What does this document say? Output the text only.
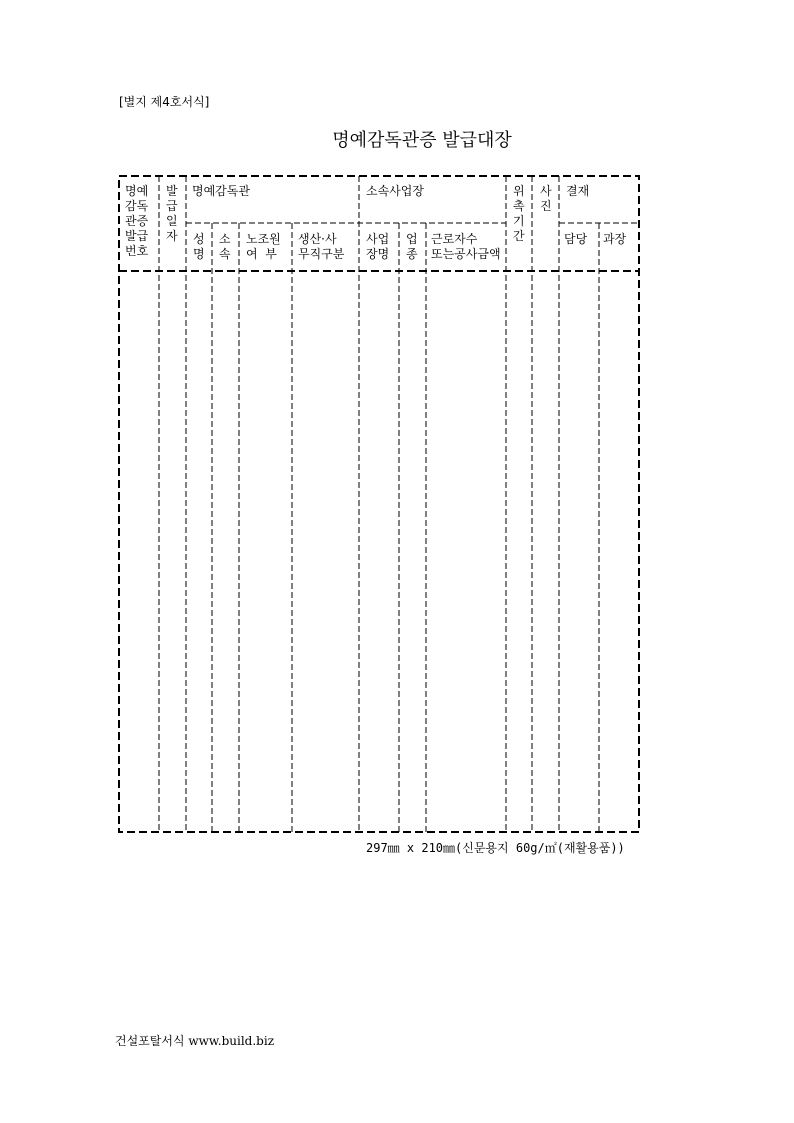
[별지 제4호서식]
명예감독관증 발급대장
명예
감독
관증
발급
번호
발
급
일
자
명예감독관
성
명
소
속
노조원
여  부
생산·사
무직구분
소속사업장
사업
장명
업
종
근로자수
또는공사금액
위
촉
기
간
사
진
결재
담당 과장
297㎜ x 210㎜(신문용지 60g/㎡(재활용품))
건설포탈서식 www.build.biz
